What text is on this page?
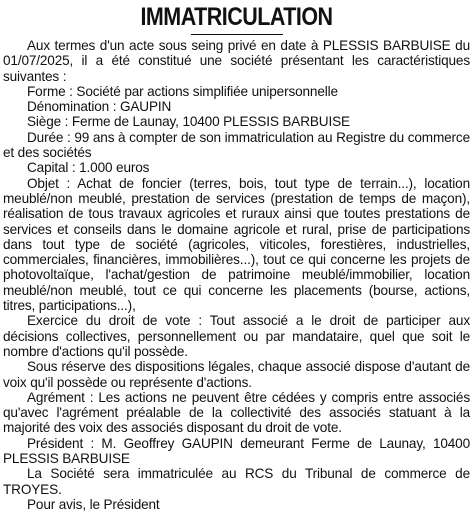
IMMATRICULATION

Aux termes d'un acte sous seing privé en date à PLESSIS BARBUISE du 01/07/2025, il a été constitué une société présentant les caractéristiques suivantes :

Forme : Société par actions simplifiée unipersonnelle

Dénomination : GAUPIN

Siège : Ferme de Launay, 10400 PLESSIS BARBUISE

Durée : 99 ans à compter de son immatriculation au Registre du commerce et des sociétés

Capital : 1.000 euros

Objet : Achat de foncier (terres, bois, tout type de terrain...), location meublé/non meublé, prestation de services (prestation de temps de maçon), réalisation de tous travaux agricoles et ruraux ainsi que toutes prestations de services et conseils dans le domaine agricole et rural, prise de participations dans tout type de société (agricoles, viticoles, forestières, industrielles, commerciales, financières, immobilières...), tout ce qui concerne les projets de photovoltaïque, l'achat/gestion de patrimoine meublé/immobilier, location meublé/non meublé, tout ce qui concerne les placements (bourse, actions, titres, participations...),

Exercice du droit de vote : Tout associé a le droit de participer aux décisions collectives, personnellement ou par mandataire, quel que soit le nombre d'actions qu'il possède.

Sous réserve des dispositions légales, chaque associé dispose d'autant de voix qu'il possède ou représente d'actions.

Agrément : Les actions ne peuvent être cédées y compris entre associés qu'avec l'agrément préalable de la collectivité des associés statuant à la majorité des voix des associés disposant du droit de vote.

Président : M. Geoffrey GAUPIN demeurant Ferme de Launay, 10400 PLESSIS BARBUISE

La Société sera immatriculée au RCS du Tribunal de commerce de TROYES.

Pour avis, le Président
